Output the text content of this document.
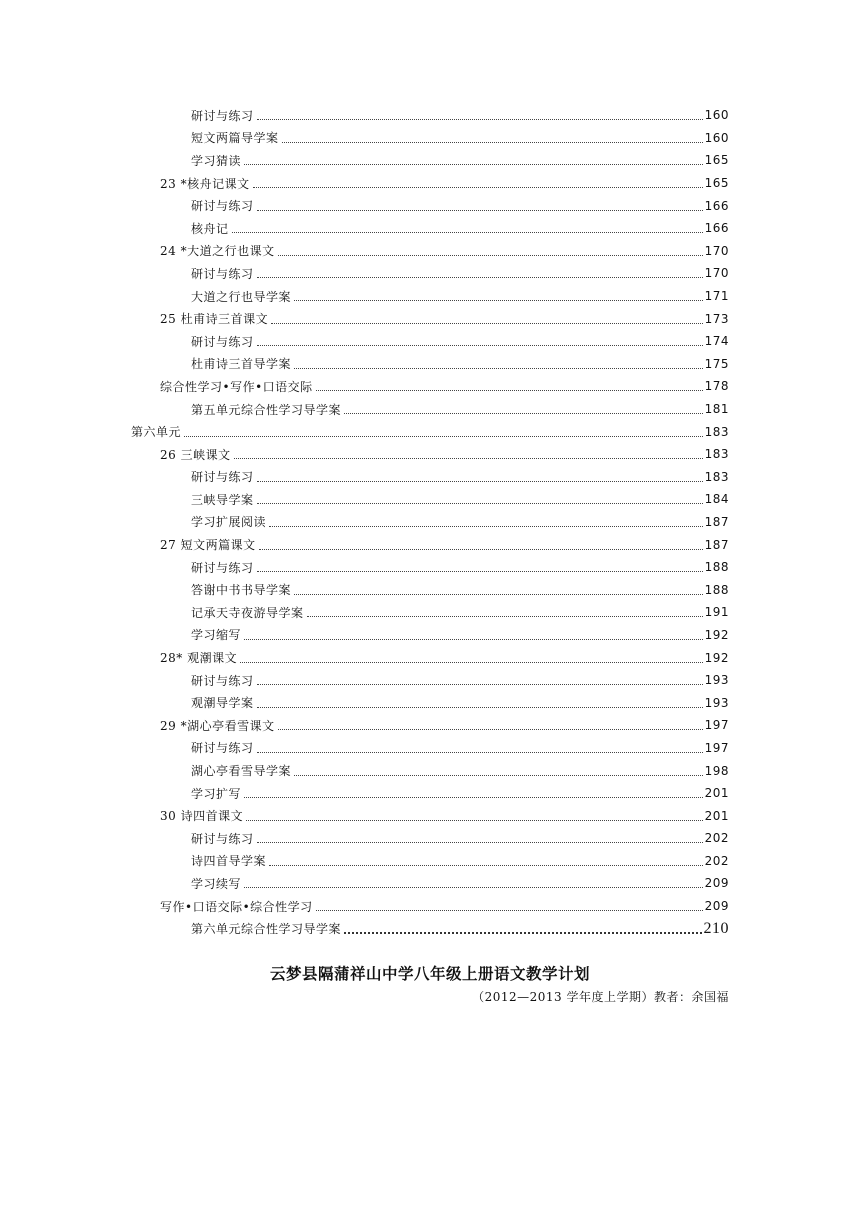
研讨与练习	160
短文两篇导学案	160
学习猜读	165
23 *核舟记课文	165
研讨与练习	166
核舟记	166
24 *大道之行也课文	170
研讨与练习	170
大道之行也导学案	171
25 杜甫诗三首课文	173
研讨与练习	174
杜甫诗三首导学案	175
综合性学习•写作•口语交际	178
第五单元综合性学习导学案	181
第六单元	183
26 三峡课文	183
研讨与练习	183
三峡导学案	184
学习扩展阅读	187
27 短文两篇课文	187
研讨与练习	188
答谢中书书导学案	188
记承天寺夜游导学案	191
学习缩写	192
28* 观潮课文	192
研讨与练习	193
观潮导学案	193
29 *湖心亭看雪课文	197
研讨与练习	197
湖心亭看雪导学案	198
学习扩写	201
30 诗四首课文	201
研讨与练习	202
诗四首导学案	202
学习续写	209
写作•口语交际•综合性学习	209
第六单元综合性学习导学案	210
云梦县隔蒲祥山中学八年级上册语文教学计划
（2012—2013 学年度上学期）教者：余国福
